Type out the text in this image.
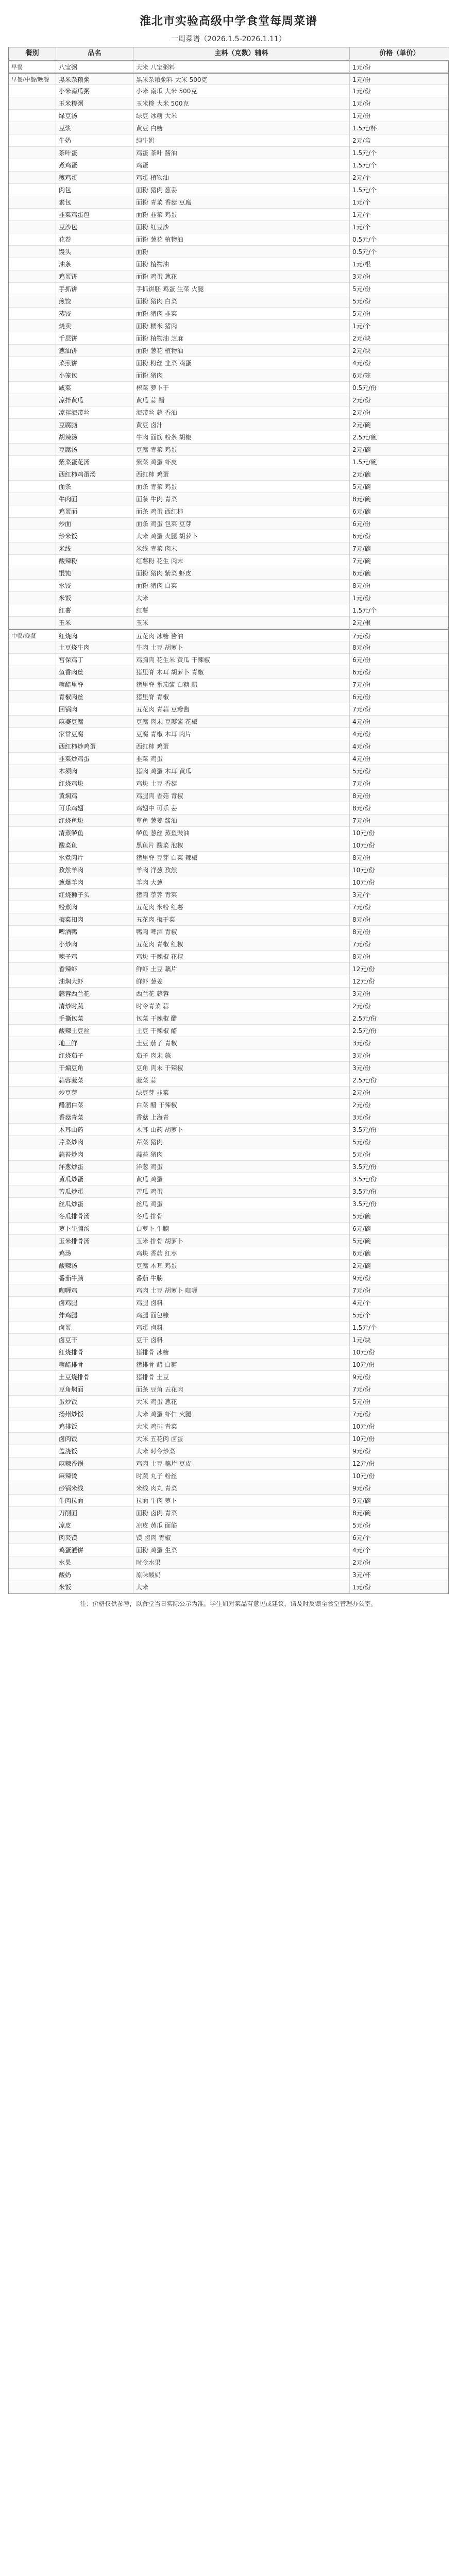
淮北市实验高级中学食堂每周菜谱
一周菜谱（2026.1.5-2026.1.11）
餐别	品名	主料（克数）辅料	价格（单价）
早餐	八宝粥	大米 八宝粥料	1元/份
早餐/中餐/晚餐	黑米杂粮粥	黑米杂粮粥料 大米 500克	1元/份
小米南瓜粥	小米 南瓜 大米 500克	1元/份
玉米糁粥	玉米糁 大米 500克	1元/份
绿豆汤	绿豆 冰糖 大米	1元/份
豆浆	黄豆 白糖	1.5元/杯
牛奶	纯牛奶	2元/盒
茶叶蛋	鸡蛋 茶叶 酱油	1.5元/个
煮鸡蛋	鸡蛋	1.5元/个
煎鸡蛋	鸡蛋 植物油	2元/个
肉包	面粉 猪肉 葱姜	1.5元/个
素包	面粉 青菜 香菇 豆腐	1元/个
韭菜鸡蛋包	面粉 韭菜 鸡蛋	1元/个
豆沙包	面粉 红豆沙	1元/个
花卷	面粉 葱花 植物油	0.5元/个
馒头	面粉	0.5元/个
油条	面粉 植物油	1元/根
鸡蛋饼	面粉 鸡蛋 葱花	3元/份
手抓饼	手抓饼胚 鸡蛋 生菜 火腿	5元/份
煎饺	面粉 猪肉 白菜	5元/份
蒸饺	面粉 猪肉 韭菜	5元/份
烧卖	面粉 糯米 猪肉	1元/个
千层饼	面粉 植物油 芝麻	2元/块
葱油饼	面粉 葱花 植物油	2元/块
菜煎饼	面粉 粉丝 韭菜 鸡蛋	4元/份
小笼包	面粉 猪肉	6元/笼
咸菜	榨菜 萝卜干	0.5元/份
凉拌黄瓜	黄瓜 蒜 醋	2元/份
凉拌海带丝	海带丝 蒜 香油	2元/份
豆腐脑	黄豆 卤汁	2元/碗
胡辣汤	牛肉 面筋 粉条 胡椒	2.5元/碗
豆腐汤	豆腐 青菜 鸡蛋	2元/碗
紫菜蛋花汤	紫菜 鸡蛋 虾皮	1.5元/碗
西红柿鸡蛋汤	西红柿 鸡蛋	2元/碗
面条	面条 青菜 鸡蛋	5元/碗
牛肉面	面条 牛肉 青菜	8元/碗
鸡蛋面	面条 鸡蛋 西红柿	6元/碗
炒面	面条 鸡蛋 包菜 豆芽	6元/份
炒米饭	大米 鸡蛋 火腿 胡萝卜	6元/份
米线	米线 青菜 肉末	7元/碗
酸辣粉	红薯粉 花生 肉末	7元/碗
馄饨	面粉 猪肉 紫菜 虾皮	6元/碗
水饺	面粉 猪肉 白菜	8元/份
米饭	大米	1元/份
红薯	红薯	1.5元/个
玉米	玉米	2元/根
中餐/晚餐	红烧肉	五花肉 冰糖 酱油	7元/份
土豆烧牛肉	牛肉 土豆 胡萝卜	8元/份
宫保鸡丁	鸡胸肉 花生米 黄瓜 干辣椒	6元/份
鱼香肉丝	猪里脊 木耳 胡萝卜 青椒	6元/份
糖醋里脊	猪里脊 番茄酱 白糖 醋	7元/份
青椒肉丝	猪里脊 青椒	6元/份
回锅肉	五花肉 青蒜 豆瓣酱	7元/份
麻婆豆腐	豆腐 肉末 豆瓣酱 花椒	4元/份
家常豆腐	豆腐 青椒 木耳 肉片	4元/份
西红柿炒鸡蛋	西红柿 鸡蛋	4元/份
韭菜炒鸡蛋	韭菜 鸡蛋	4元/份
木须肉	猪肉 鸡蛋 木耳 黄瓜	5元/份
红烧鸡块	鸡块 土豆 香菇	7元/份
黄焖鸡	鸡腿肉 香菇 青椒	8元/份
可乐鸡翅	鸡翅中 可乐 姜	8元/份
红烧鱼块	草鱼 葱姜 酱油	7元/份
清蒸鲈鱼	鲈鱼 葱丝 蒸鱼豉油	10元/份
酸菜鱼	黑鱼片 酸菜 泡椒	10元/份
水煮肉片	猪里脊 豆芽 白菜 辣椒	8元/份
孜然羊肉	羊肉 洋葱 孜然	10元/份
葱爆羊肉	羊肉 大葱	10元/份
红烧狮子头	猪肉 荸荠 青菜	3元/个
粉蒸肉	五花肉 米粉 红薯	7元/份
梅菜扣肉	五花肉 梅干菜	8元/份
啤酒鸭	鸭肉 啤酒 青椒	8元/份
小炒肉	五花肉 青椒 红椒	7元/份
辣子鸡	鸡块 干辣椒 花椒	8元/份
香辣虾	鲜虾 土豆 藕片	12元/份
油焖大虾	鲜虾 葱姜	12元/份
蒜蓉西兰花	西兰花 蒜蓉	3元/份
清炒时蔬	时令青菜 蒜	2元/份
手撕包菜	包菜 干辣椒 醋	2.5元/份
酸辣土豆丝	土豆 干辣椒 醋	2.5元/份
地三鲜	土豆 茄子 青椒	3元/份
红烧茄子	茄子 肉末 蒜	3元/份
干煸豆角	豆角 肉末 干辣椒	3元/份
蒜蓉菠菜	菠菜 蒜	2.5元/份
炒豆芽	绿豆芽 韭菜	2元/份
醋溜白菜	白菜 醋 干辣椒	2元/份
香菇青菜	香菇 上海青	3元/份
木耳山药	木耳 山药 胡萝卜	3.5元/份
芹菜炒肉	芹菜 猪肉	5元/份
蒜苔炒肉	蒜苔 猪肉	5元/份
洋葱炒蛋	洋葱 鸡蛋	3.5元/份
黄瓜炒蛋	黄瓜 鸡蛋	3.5元/份
苦瓜炒蛋	苦瓜 鸡蛋	3.5元/份
丝瓜炒蛋	丝瓜 鸡蛋	3.5元/份
冬瓜排骨汤	冬瓜 排骨	5元/碗
萝卜牛腩汤	白萝卜 牛腩	6元/碗
玉米排骨汤	玉米 排骨 胡萝卜	5元/碗
鸡汤	鸡块 香菇 红枣	6元/碗
酸辣汤	豆腐 木耳 鸡蛋	2元/碗
番茄牛腩	番茄 牛腩	9元/份
咖喱鸡	鸡肉 土豆 胡萝卜 咖喱	7元/份
卤鸡腿	鸡腿 卤料	4元/个
炸鸡腿	鸡腿 面包糠	5元/个
卤蛋	鸡蛋 卤料	1.5元/个
卤豆干	豆干 卤料	1元/块
红烧排骨	猪排骨 冰糖	10元/份
糖醋排骨	猪排骨 醋 白糖	10元/份
土豆烧排骨	猪排骨 土豆	9元/份
豆角焖面	面条 豆角 五花肉	7元/份
蛋炒饭	大米 鸡蛋 葱花	5元/份
扬州炒饭	大米 鸡蛋 虾仁 火腿	7元/份
鸡排饭	大米 鸡排 青菜	10元/份
卤肉饭	大米 五花肉 卤蛋	10元/份
盖浇饭	大米 时令炒菜	9元/份
麻辣香锅	鸡肉 土豆 藕片 豆皮	12元/份
麻辣烫	时蔬 丸子 粉丝	10元/份
砂锅米线	米线 肉丸 青菜	9元/份
牛肉拉面	拉面 牛肉 萝卜	9元/碗
刀削面	面粉 卤肉 青菜	8元/碗
凉皮	凉皮 黄瓜 面筋	5元/份
肉夹馍	馍 卤肉 青椒	6元/个
鸡蛋灌饼	面粉 鸡蛋 生菜	4元/个
水果	时令水果	2元/份
酸奶	原味酸奶	3元/杯
米饭	大米	1元/份
注：价格仅供参考，以食堂当日实际公示为准。学生如对菜品有意见或建议，请及时反馈至食堂管理办公室。
